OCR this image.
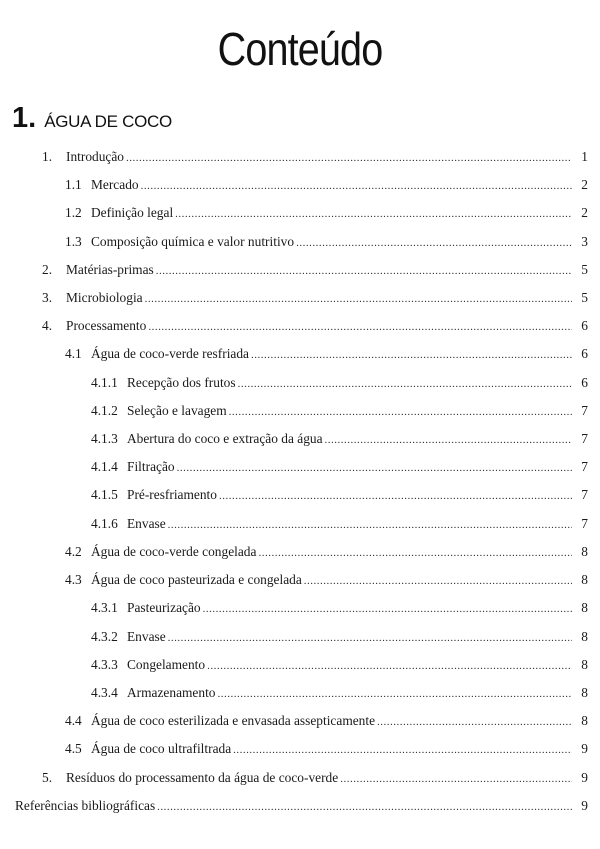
Conteúdo
1. ÁGUA DE COCO
1.	Introdução .....	1
1.1 Mercado .....	2
1.2 Definição legal .....	2
1.3 Composição química e valor nutritivo .....	3
2.	Matérias-primas .....	5
3.	Microbiologia .....	5
4.	Processamento .....	6
4.1 Água de coco-verde resfriada .....	6
4.1.1 Recepção dos frutos .....	6
4.1.2 Seleção e lavagem .....	7
4.1.3 Abertura do coco e extração da água .....	7
4.1.4 Filtração .....	7
4.1.5 Pré-resfriamento .....	7
4.1.6 Envase .....	7
4.2 Água de coco-verde congelada .....	8
4.3 Água de coco pasteurizada e congelada .....	8
4.3.1 Pasteurização .....	8
4.3.2 Envase .....	8
4.3.3 Congelamento .....	8
4.3.4 Armazenamento .....	8
4.4 Água de coco esterilizada e envasada assepticamente .....	8
4.5 Água de coco ultrafiltrada .....	9
5.	Resíduos do processamento da água de coco-verde .....	9
Referências bibliográficas .....	9
